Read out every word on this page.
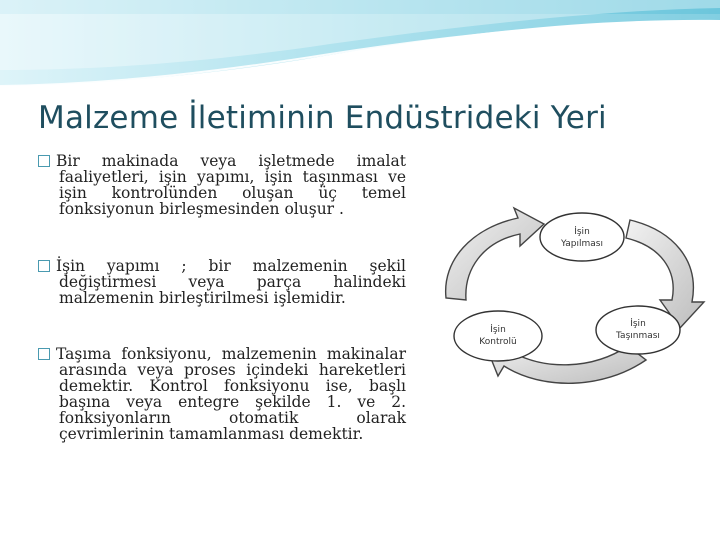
Malzeme İletiminin Endüstrideki Yeri
Bir makinada veya işletmede imalat faaliyetleri, işin yapımı, işin taşınması ve işin kontrolünden oluşan üç temel fonksiyonun birleşmesinden oluşur .
İşin yapımı ; bir malzemenin şekil değiştirmesi veya parça halindeki malzemenin birleştirilmesi işlemidir.
Taşıma fonksiyonu, malzemenin makinalar arasında veya proses içindeki hareketleri demektir. Kontrol fonksiyonu ise, başlı başına veya entegre şekilde 1. ve 2. fonksiyonların otomatik olarak çevrimlerinin tamamlanması demektir.
İşin
Yapılması
İşin
Taşınması
İşin
Kontrolü
